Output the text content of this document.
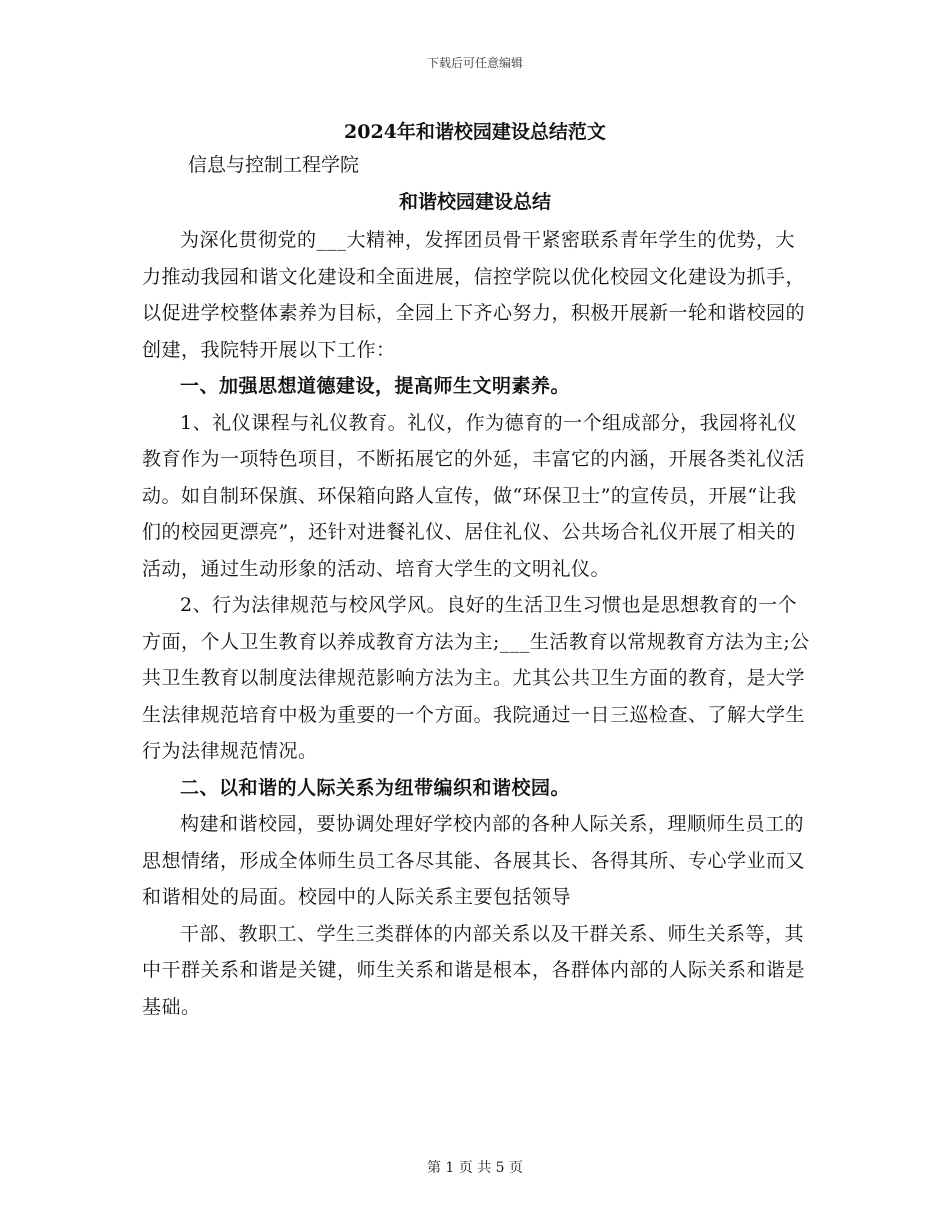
下载后可任意编辑
2024年和谐校园建设总结范文
信息与控制工程学院
和谐校园建设总结

为深化贯彻党的___大精神，发挥团员骨干紧密联系青年学生的优势，大力推动我园和谐文化建设和全面进展，信控学院以优化校园文化建设为抓手，以促进学校整体素养为目标，全园上下齐心努力，积极开展新一轮和谐校园的创建，我院特开展以下工作：

一、加强思想道德建设，提高师生文明素养。

1、礼仪课程与礼仪教育。礼仪，作为德育的一个组成部分，我园将礼仪教育作为一项特色项目，不断拓展它的外延，丰富它的内涵，开展各类礼仪活动。如自制环保旗、环保箱向路人宣传，做“环保卫士”的宣传员，开展“让我们的校园更漂亮”，还针对进餐礼仪、居住礼仪、公共场合礼仪开展了相关的活动，通过生动形象的活动、培育大学生的文明礼仪。

2、行为法律规范与校风学风。良好的生活卫生习惯也是思想教育的一个方面，个人卫生教育以养成教育方法为主;___生活教育以常规教育方法为主;公共卫生教育以制度法律规范影响方法为主。尤其公共卫生方面的教育，是大学生法律规范培育中极为重要的一个方面。我院通过一日三巡检查、了解大学生行为法律规范情况。

二、以和谐的人际关系为纽带编织和谐校园。

构建和谐校园，要协调处理好学校内部的各种人际关系，理顺师生员工的思想情绪，形成全体师生员工各尽其能、各展其长、各得其所、专心学业而又和谐相处的局面。校园中的人际关系主要包括领导

干部、教职工、学生三类群体的内部关系以及干群关系、师生关系等，其中干群关系和谐是关键，师生关系和谐是根本，各群体内部的人际关系和谐是基础。

第 1 页 共 5 页
